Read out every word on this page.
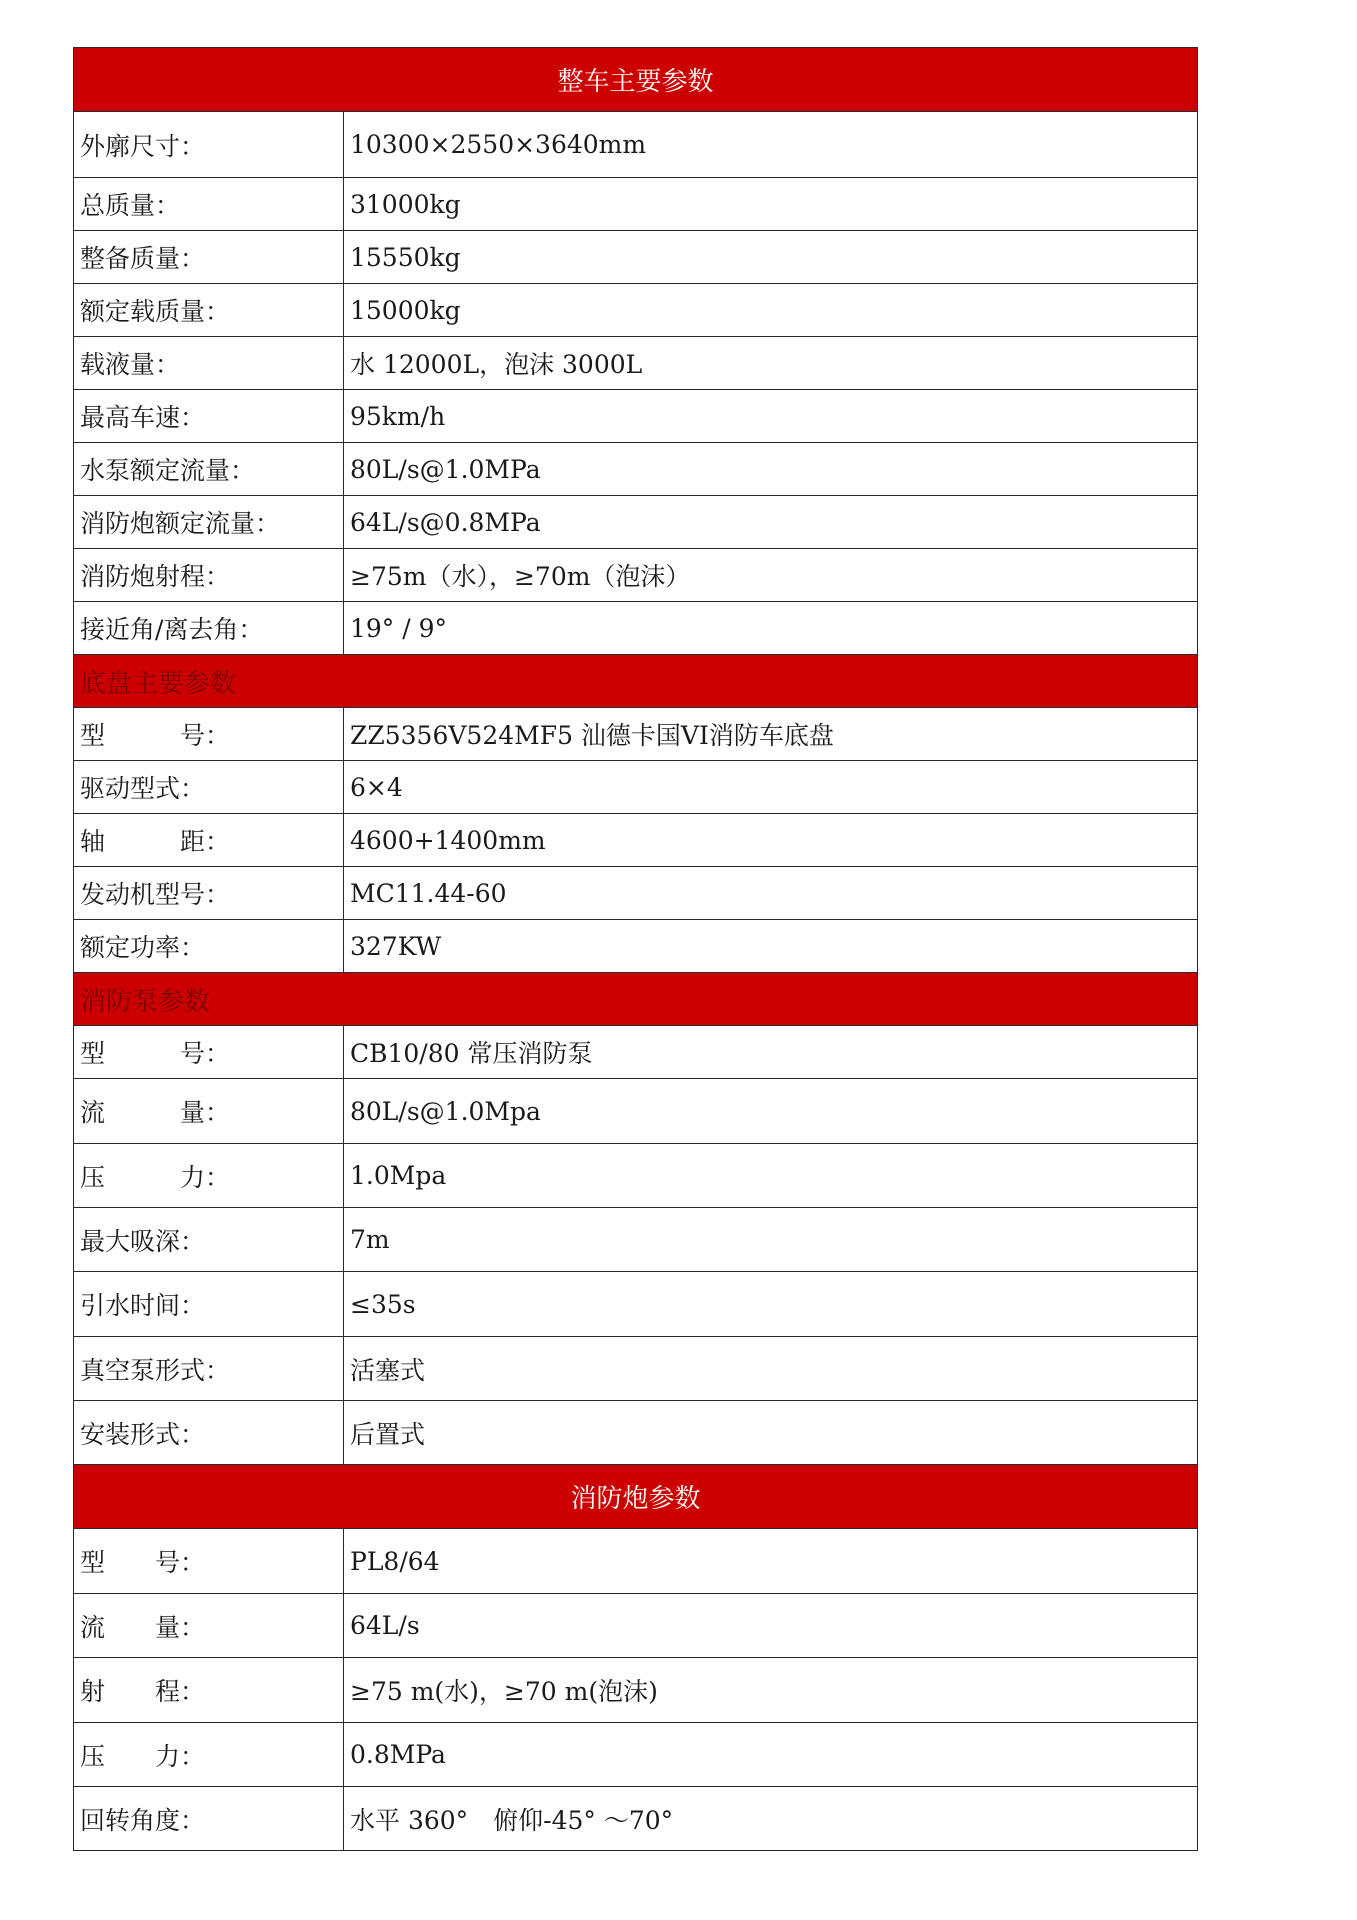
整车主要参数	
外廓尺寸：	10300×2550×3640mm
总质量：	31000kg
整备质量：	15550kg
额定载质量：	15000kg
载液量：	水 12000L，泡沫 3000L
最高车速：	95km/h
水泵额定流量：	80L/s@1.0MPa
消防炮额定流量：	64L/s@0.8MPa
消防炮射程：	≥75m（水），≥70m（泡沫）
接近角/离去角：	19° / 9°
底盘主要参数	
型　　　号：	ZZ5356V524MF5 汕德卡国VI消防车底盘
驱动型式：	6×4
轴　　　距：	4600+1400mm
发动机型号：	MC11.44-60
额定功率：	327KW
消防泵参数	
型　　　号：	CB10/80 常压消防泵
流　　　量：	80L/s@1.0Mpa
压　　　力：	1.0Mpa
最大吸深：	7m
引水时间：	≤35s
真空泵形式：	活塞式
安装形式：	后置式
消防炮参数	
型　　号：	PL8/64
流　　量：	64L/s
射　　程：	≥75 m(水)，≥70 m(泡沫)
压　　力：	0.8MPa
回转角度：	水平 360°　俯仰-45° ～70°
